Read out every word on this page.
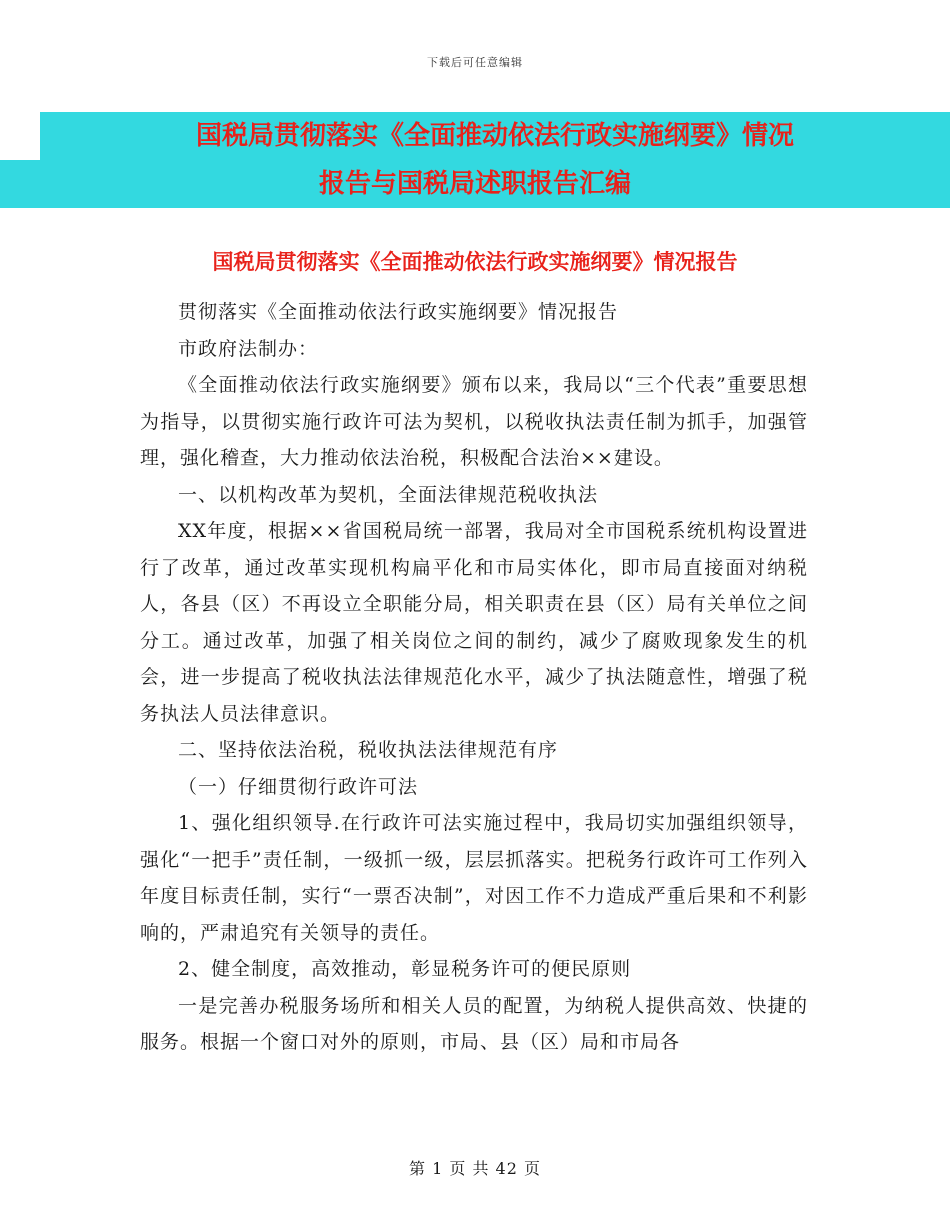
下载后可任意编辑
国税局贯彻落实《全面推动依法行政实施纲要》情况
报告与国税局述职报告汇编
国税局贯彻落实《全面推动依法行政实施纲要》情况报告

贯彻落实《全面推动依法行政实施纲要》情况报告

市政府法制办：

《全面推动依法行政实施纲要》颁布以来，我局以“三个代表”重要思想为指导，以贯彻实施行政许可法为契机，以税收执法责任制为抓手，加强管理，强化稽查，大力推动依法治税，积极配合法治××建设。

一、以机构改革为契机，全面法律规范税收执法

XX年度，根据××省国税局统一部署，我局对全市国税系统机构设置进行了改革，通过改革实现机构扁平化和市局实体化，即市局直接面对纳税人，各县（区）不再设立全职能分局，相关职责在县（区）局有关单位之间分工。通过改革，加强了相关岗位之间的制约，减少了腐败现象发生的机会，进一步提高了税收执法法律规范化水平，减少了执法随意性，增强了税务执法人员法律意识。

二、坚持依法治税，税收执法法律规范有序

（一）仔细贯彻行政许可法

1、强化组织领导.在行政许可法实施过程中，我局切实加强组织领导，强化“一把手”责任制，一级抓一级，层层抓落实。把税务行政许可工作列入年度目标责任制，实行“一票否决制”，对因工作不力造成严重后果和不利影响的，严肃追究有关领导的责任。

2、健全制度，高效推动，彰显税务许可的便民原则

一是完善办税服务场所和相关人员的配置，为纳税人提供高效、快捷的服务。根据一个窗口对外的原则，市局、县（区）局和市局各

第 1 页 共 42 页
